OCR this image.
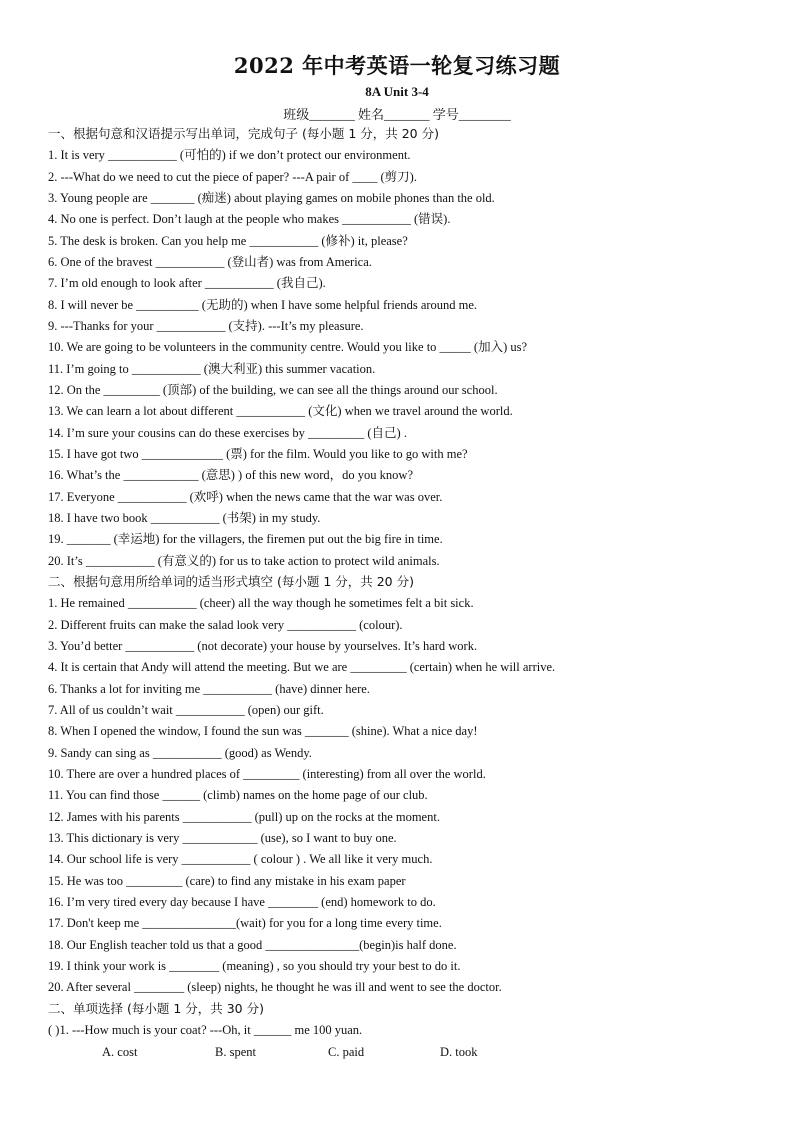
2022 年中考英语一轮复习练习题
8A Unit 3-4
班级_______ 姓名_______ 学号________
一、根据句意和汉语提示写出单词，完成句子 (每小题 1 分，共 20 分)
1. It is very ___________ (可怕的) if we don’t protect our environment.
2. ---What do we need to cut the piece of paper? ---A pair of ____ (剪刀).
3. Young people are _______ (痴迷) about playing games on mobile phones than the old.
4. No one is perfect. Don’t laugh at the people who makes ___________ (错误).
5. The desk is broken. Can you help me ___________ (修补) it, please?
6. One of the bravest ___________ (登山者) was from America.
7. I’m old enough to look after ___________ (我自己).
8. I will never be __________ (无助的) when I have some helpful friends around me.
9. ---Thanks for your ___________ (支持). ---It’s my pleasure.
10. We are going to be volunteers in the community centre. Would you like to _____ (加入) us?
11. I’m going to ___________ (澳大利亚) this summer vacation.
12. On the _________ (顶部) of the building, we can see all the things around our school.
13. We can learn a lot about different ___________ (文化) when we travel around the world.
14. I’m sure your cousins can do these exercises by _________ (自己) .
15. I have got two _____________ (票) for the film. Would you like to go with me?
16. What’s the ____________ (意思) ) of this new word，do you know?
17. Everyone ___________ (欢呼) when the news came that the war was over.
18. I have two book ___________ (书架) in my study.
19. _______ (幸运地) for the villagers, the firemen put out the big fire in time.
20. It’s ___________ (有意义的) for us to take action to protect wild animals.
二、根据句意用所给单词的适当形式填空 (每小题 1 分，共 20 分)
1. He remained ___________ (cheer) all the way though he sometimes felt a bit sick.
2. Different fruits can make the salad look very ___________ (colour).
3. You’d better ___________ (not decorate) your house by yourselves. It’s hard work.
4. It is certain that Andy will attend the meeting. But we are _________ (certain) when he will arrive.
6. Thanks a lot for inviting me ___________ (have) dinner here.
7. All of us couldn’t wait ___________ (open) our gift.
8. When I opened the window, I found the sun was _______ (shine). What a nice day!
9. Sandy can sing as ___________ (good) as Wendy.
10. There are over a hundred places of _________ (interesting) from all over the world.
11. You can find those ______ (climb) names on the home page of our club.
12. James with his parents ___________ (pull) up on the rocks at the moment.
13. This dictionary is very ____________ (use), so I want to buy one.
14. Our school life is very ___________ ( colour ) . We all like it very much.
15. He was too _________ (care) to find any mistake in his exam paper
16. I’m very tired every day because I have ________ (end) homework to do.
17. Don't keep me _______________(wait) for you for a long time every time.
18. Our English teacher told us that a good _______________(begin)is half done.
19. I think your work is ________ (meaning) , so you should try your best to do it.
20. After several ________ (sleep) nights, he thought he was ill and went to see the doctor.
二、单项选择 (每小题 1 分，共 30 分)
( )1. ---How much is your coat? ---Oh, it ______ me 100 yuan.
A. cost	B. spent	C. paid	D. took
